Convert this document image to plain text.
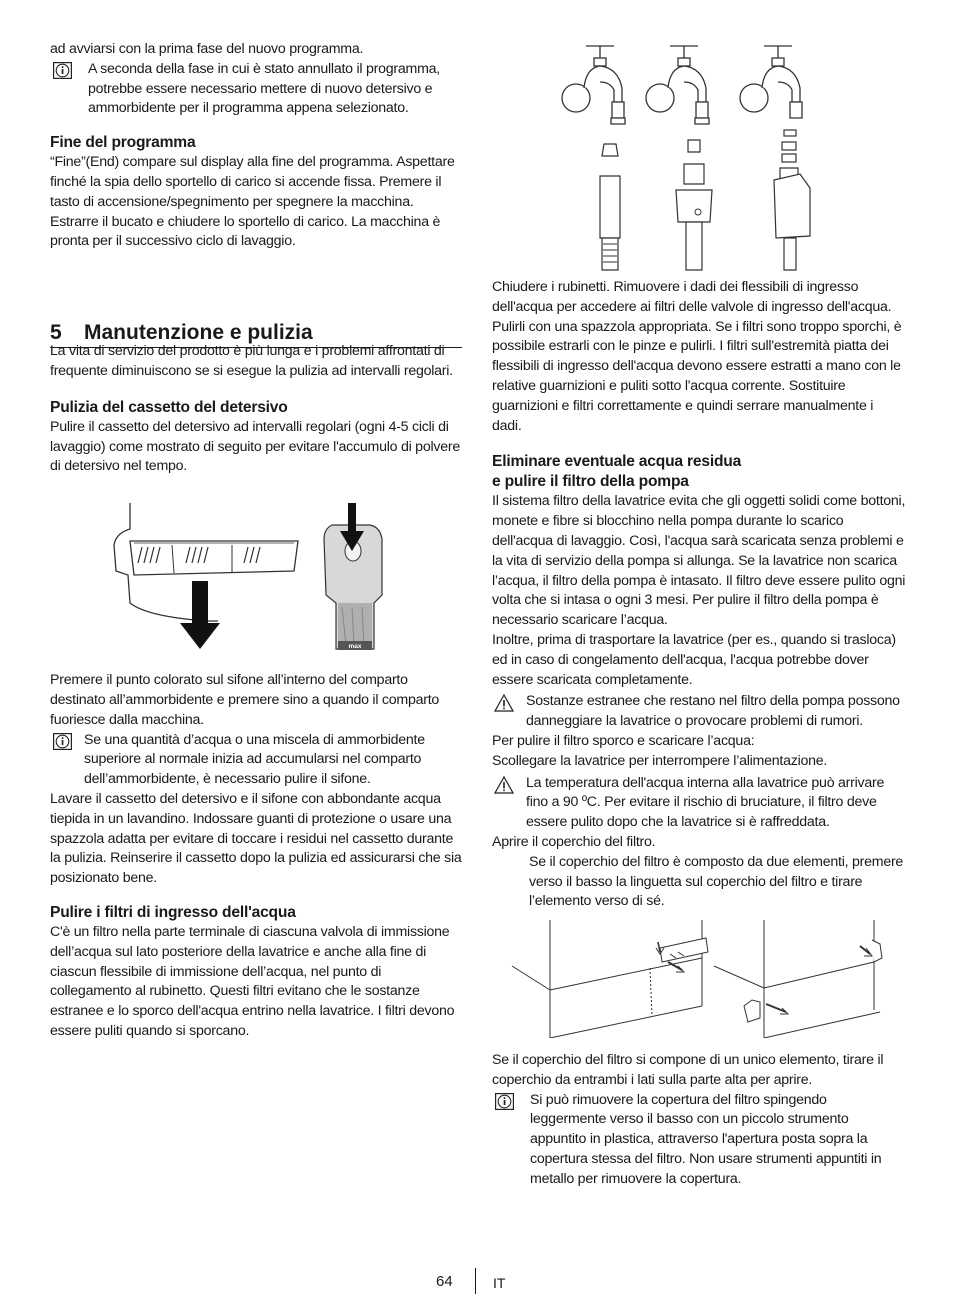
ad avviarsi con la prima fase del nuovo programma.

A seconda della fase in cui è stato annullato il programma, potrebbe essere necessario mettere di nuovo detersivo e ammorbidente per il programma appena selezionato.

Fine del programma

“Fine”(End) compare sul display alla fine del programma. Aspettare finché la spia dello sportello di carico si accende fissa. Premere il tasto di accensione/spegnimento per spegnere la macchina. Estrarre il bucato e chiudere lo sportello di carico. La macchina è pronta per il successivo ciclo di lavaggio.

5	Manutenzione e pulizia

La vita di servizio del prodotto è più lunga e i problemi affrontati di frequente diminuiscono se si esegue la pulizia ad intervalli regolari.

Pulizia del cassetto del detersivo

Pulire il cassetto del detersivo ad intervalli regolari (ogni 4-5 cicli di lavaggio) come mostrato di seguito per evitare l'accumulo di polvere di detersivo nel tempo.

max

Premere il punto colorato sul sifone all’interno del comparto destinato all’ammorbidente e premere sino a quando il comparto fuoriesce dalla macchina.

Se una quantità d’acqua o una miscela di ammorbidente superiore al normale inizia ad accumularsi nel comparto dell’ammorbidente, è necessario pulire il sifone.

Lavare il cassetto del detersivo e il sifone con abbondante acqua tiepida in un lavandino. Indossare guanti di protezione o usare una spazzola adatta per evitare di toccare i residui nel cassetto durante la pulizia. Reinserire il cassetto dopo la pulizia ed assicurarsi che sia posizionato bene.

Pulire i filtri di ingresso dell'acqua

C'è un filtro nella parte terminale di ciascuna valvola di immissione dell’acqua sul lato posteriore della lavatrice e anche alla fine di ciascun flessibile di immissione dell’acqua, nel punto di collegamento al rubinetto. Questi filtri evitano che le sostanze estranee e lo sporco dell'acqua entrino nella lavatrice. I filtri devono essere puliti quando si sporcano.

Chiudere i rubinetti. Rimuovere i dadi dei flessibili di ingresso dell'acqua per accedere ai filtri delle valvole di ingresso dell'acqua. Pulirli con una spazzola appropriata. Se i filtri sono troppo sporchi, è possibile estrarli con le pinze e pulirli. I filtri sull'estremità piatta dei flessibili di ingresso dell'acqua devono essere estratti a mano con le relative guarnizioni e puliti sotto l'acqua corrente. Sostituire guarnizioni e filtri correttamente e quindi serrare manualmente i dadi.

Eliminare eventuale acqua residua
e pulire il filtro della pompa

Il sistema filtro della lavatrice evita che gli oggetti solidi come bottoni, monete e fibre si blocchino nella pompa durante lo scarico dell'acqua di lavaggio. Così, l'acqua sarà scaricata senza problemi e la vita di servizio della pompa si allunga. Se la lavatrice non scarica l’acqua, il filtro della pompa è intasato. Il filtro deve essere pulito ogni volta che si intasa o ogni 3 mesi. Per pulire il filtro della pompa è necessario scaricare l’acqua.

Inoltre, prima di trasportare la lavatrice (per es., quando si trasloca) ed in caso di congelamento dell'acqua, l'acqua potrebbe dover essere scaricata completamente.

Sostanze estranee che restano nel filtro della pompa possono danneggiare la lavatrice o provocare problemi di rumori.

Per pulire il filtro sporco e scaricare l’acqua:

Scollegare la lavatrice per interrompere l’alimentazione.

La temperatura dell'acqua interna alla lavatrice può arrivare fino a 90 ºC. Per evitare il rischio di bruciature, il filtro deve essere pulito dopo che la lavatrice si è raffreddata.

Aprire il coperchio del filtro.

Se il coperchio del filtro è composto da due elementi, premere verso il basso la linguetta sul coperchio del filtro e tirare l’elemento verso di sé.

Se il coperchio del filtro si compone di un unico elemento, tirare il coperchio da entrambi i lati sulla parte alta per aprire.

Si può rimuovere la copertura del filtro spingendo leggermente verso il basso con un piccolo strumento appuntito in plastica, attraverso l'apertura posta sopra la copertura stessa del filtro. Non usare strumenti appuntiti in metallo per rimuovere la copertura.

64	IT
